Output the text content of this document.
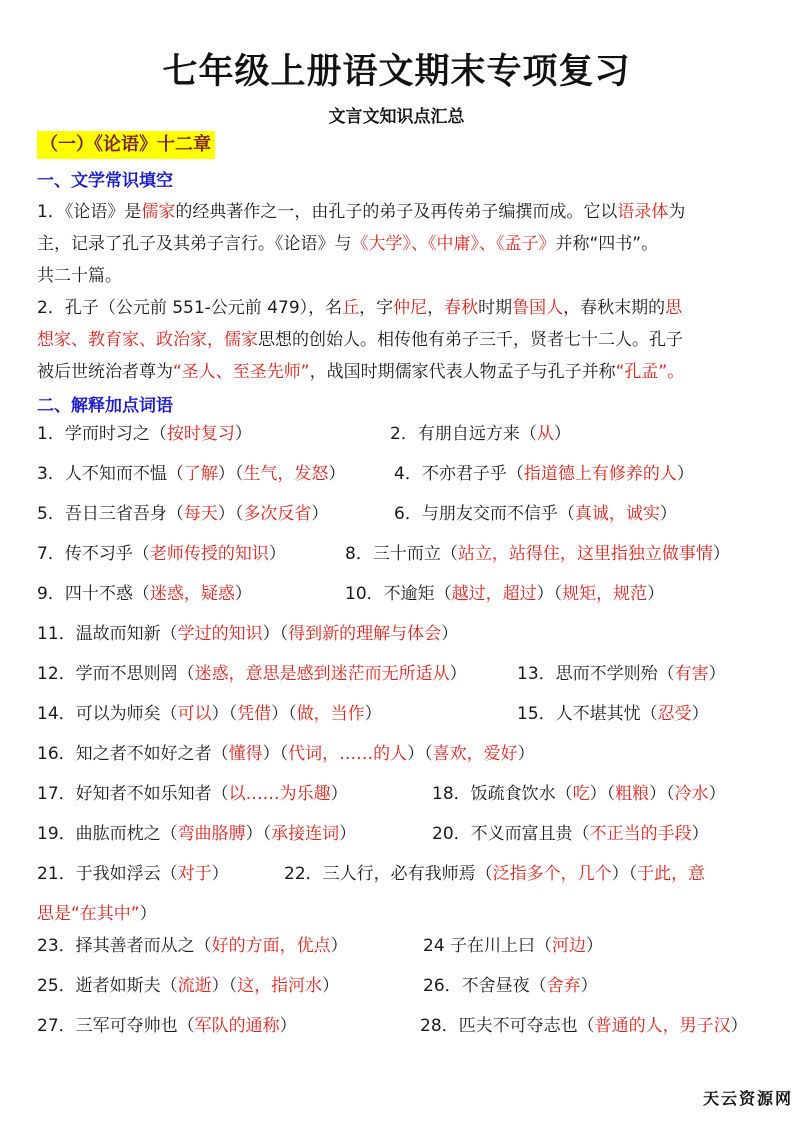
七年级上册语文期末专项复习
文言文知识点汇总
（一）《论语》十二章
一、文学常识填空
1．《论语》是儒家的经典著作之一，由孔子的弟子及再传弟子编撰而成。它以语录体为
主，记录了孔子及其弟子言行。《论语》与《大学》、《中庸》、《孟子》并称“四书”。
共二十篇。
2．孔子（公元前 551-公元前 479），名丘，字仲尼，春秋时期鲁国人，春秋末期的思
想家、教育家、政治家，儒家思想的创始人。相传他有弟子三千，贤者七十二人。孔子
被后世统治者尊为“圣人、至圣先师”，战国时期儒家代表人物孟子与孔子并称“孔孟”。
二、解释加点词语
1．学而时习之（按时复习）	2．有朋自远方来（从）
3．人不知而不愠（了解）（生气，发怒）	4．不亦君子乎（指道德上有修养的人）
5．吾日三省吾身（每天）（多次反省）	6．与朋友交而不信乎（真诚，诚实）
7．传不习乎（老师传授的知识）	8．三十而立（站立，站得住，这里指独立做事情）
9．四十不惑（迷惑，疑惑）	10．不逾矩（越过，超过）（规矩，规范）
11．温故而知新（学过的知识）（得到新的理解与体会）
12．学而不思则罔（迷惑，意思是感到迷茫而无所适从）	13．思而不学则殆（有害）
14．可以为师矣（可以）（凭借）（做，当作）	15．人不堪其忧（忍受）
16．知之者不如好之者（懂得）（代词，……的人）（喜欢，爱好）
17．好知者不如乐知者（以……为乐趣）	18．饭疏食饮水（吃）（粗粮）（冷水）
19．曲肱而枕之（弯曲胳膊）（承接连词）	20．不义而富且贵（不正当的手段）
21．于我如浮云（对于）	22．三人行，必有我师焉（泛指多个，几个）（于此，意
思是“在其中”）
23．择其善者而从之（好的方面，优点）	24 子在川上曰（河边）
25．逝者如斯夫（流逝）（这，指河水）	26．不舍昼夜（舍弃）
27．三军可夺帅也（军队的通称）	28．匹夫不可夺志也（普通的人，男子汉）
天云资源网
